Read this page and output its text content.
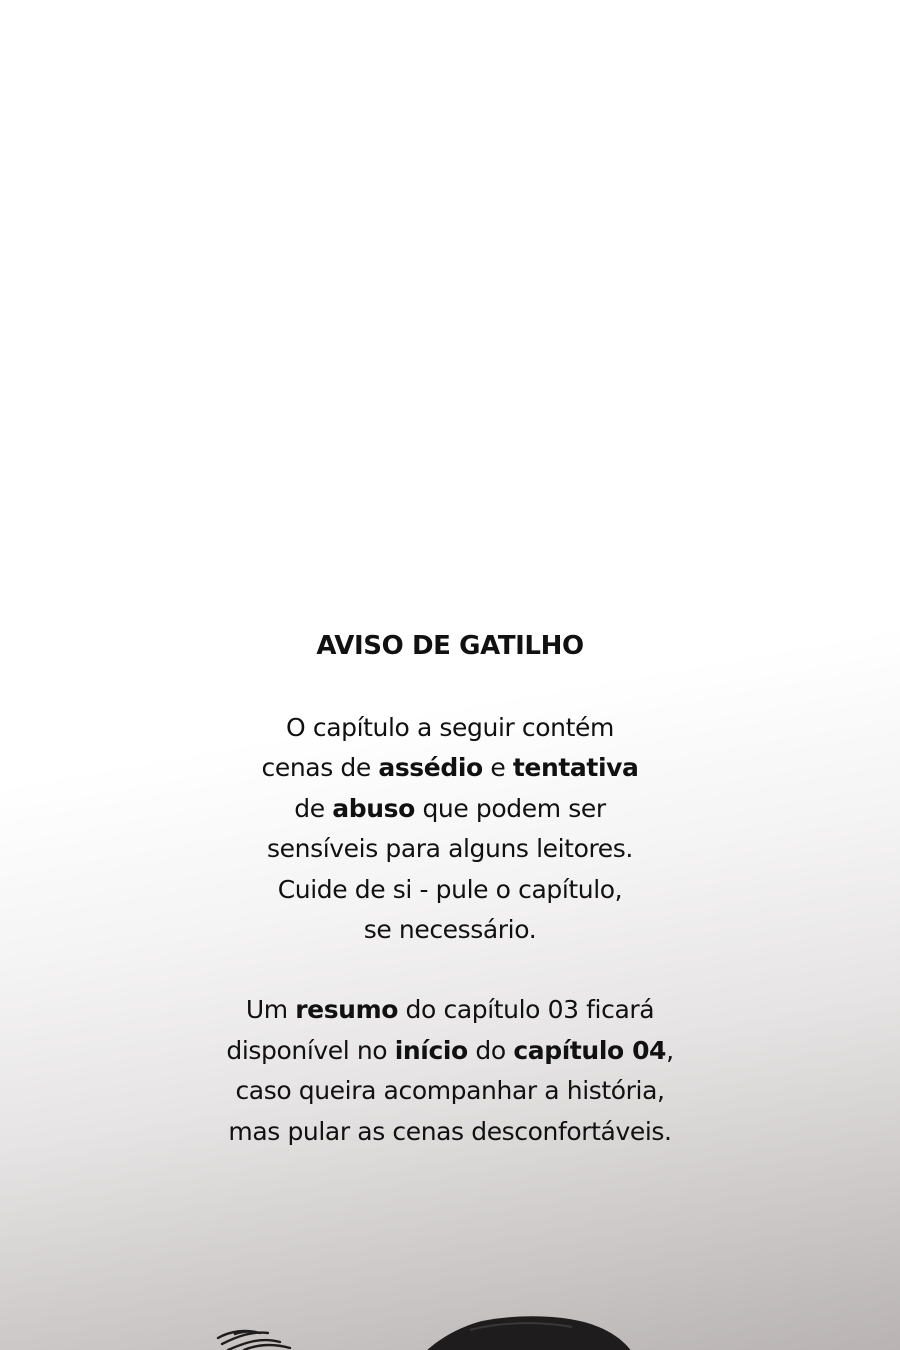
AVISO DE GATILHO

O capítulo a seguir contém
cenas de assédio e tentativa
de abuso que podem ser
sensíveis para alguns leitores.
Cuide de si - pule o capítulo,
se necessário.

Um resumo do capítulo 03 ficará
disponível no início do capítulo 04,
caso queira acompanhar a história,
mas pular as cenas desconfortáveis.
